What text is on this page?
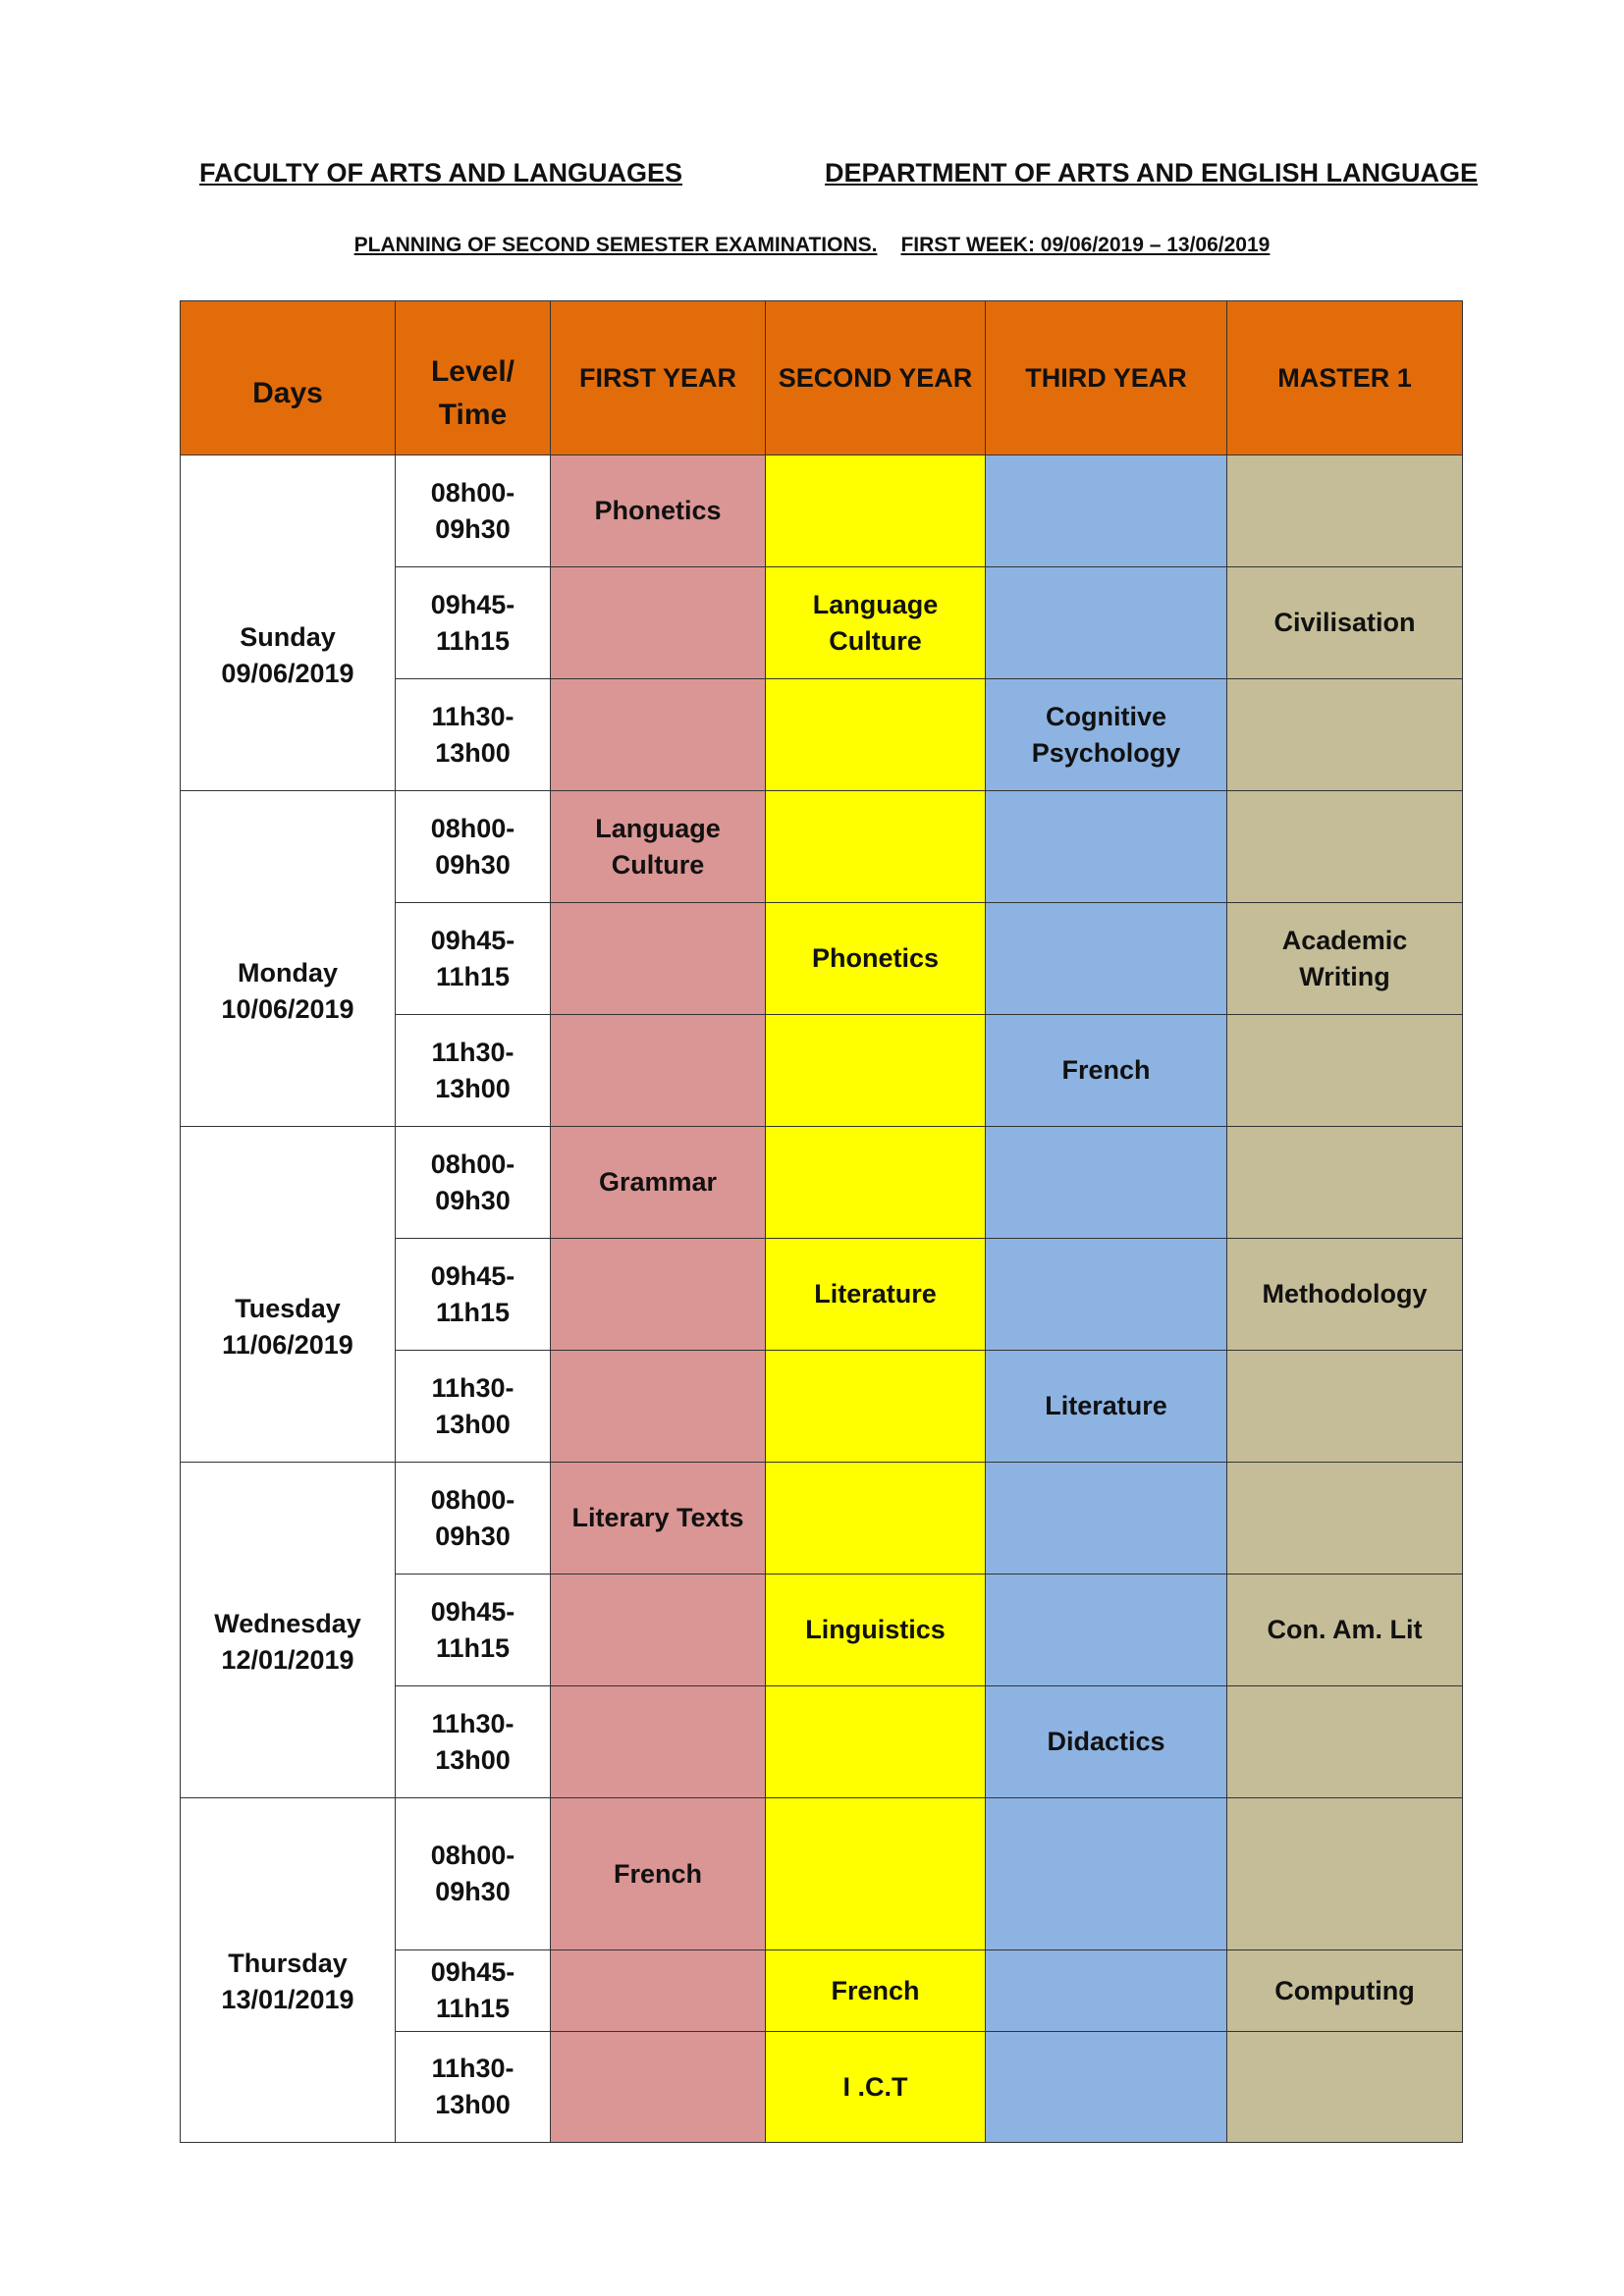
FACULTY OF ARTS AND LANGUAGES	DEPARTMENT OF ARTS AND ENGLISH LANGUAGE
PLANNING OF SECOND SEMESTER EXAMINATIONS. FIRST WEEK: 09/06/2019 – 13/06/2019
Days	Level/ Time	FIRST YEAR	SECOND YEAR	THIRD YEAR	MASTER 1

Sunday
09/06/2019	08h00-09h30	Phonetics			
	09h45-11h15		Language Culture		Civilisation
	11h30-13h00			Cognitive Psychology	

Monday
10/06/2019	08h00-09h30	Language Culture			
	09h45-11h15		Phonetics		Academic Writing
	11h30-13h00			French	

Tuesday
11/06/2019	08h00-09h30	Grammar			
	09h45-11h15		Literature		Methodology
	11h30-13h00			Literature	

Wednesday
12/01/2019	08h00-09h30	Literary Texts			
	09h45-11h15		Linguistics		Con. Am. Lit
	11h30-13h00			Didactics	

Thursday
13/01/2019	08h00-09h30	French			
	09h45-11h15		French		Computing
	11h30-13h00		I .C.T		
